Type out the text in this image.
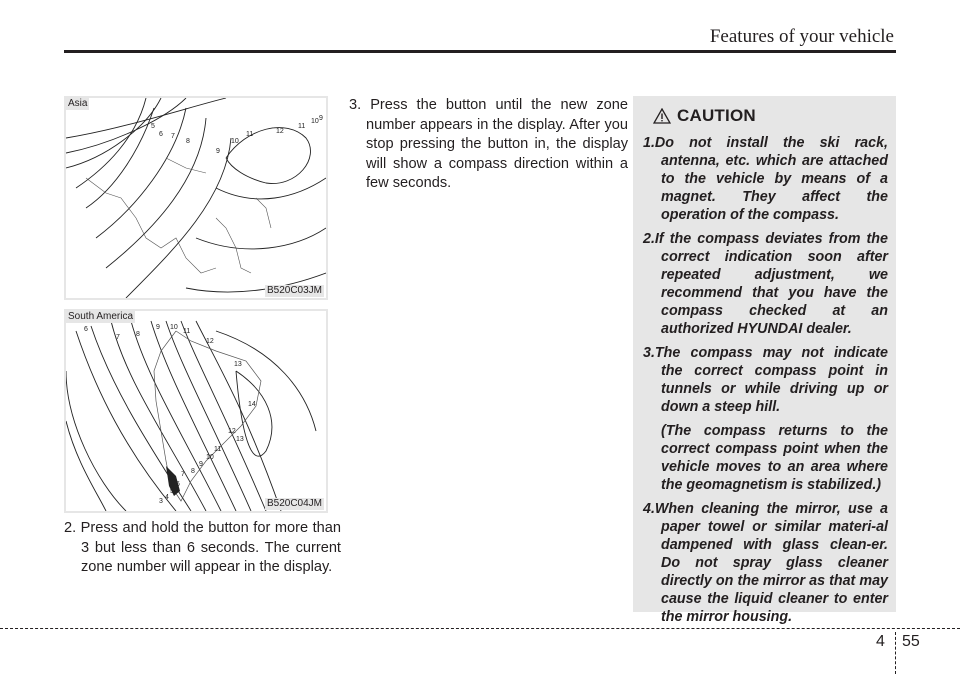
Features of your vehicle
9
10
11	12
11
10 9
8
7
6
5
Asia
B520C03JM
6
7 8
9 10
11
12
13
14
13
12
11
10
9
8
7
6
5
4
3
South America
B520C04JM
2. Press and hold the button for more than 3 but less than 6 seconds. The current zone number will appear in the display.
3. Press the button until the new zone number appears in the display. After you stop pressing the button in, the display will show a compass direction within a few seconds.
CAUTION
1.Do not install the ski rack, antenna, etc. which are attached to the vehicle by means of a magnet. They affect the operation of the compass.
2.If the compass deviates from the correct indication soon after repeated adjustment, we recommend that you have the compass checked at an authorized HYUNDAI dealer.
3.The compass may not indicate the correct compass point in tunnels or while driving up or down a steep hill.
(The compass returns to the correct compass point when the vehicle moves to an area where the geomagnetism is stabilized.)
4.When cleaning the mirror, use a paper towel or similar materi-al dampened with glass clean-er. Do not spray glass cleaner directly on the mirror as that may cause the liquid cleaner to enter the mirror housing.
4 55
